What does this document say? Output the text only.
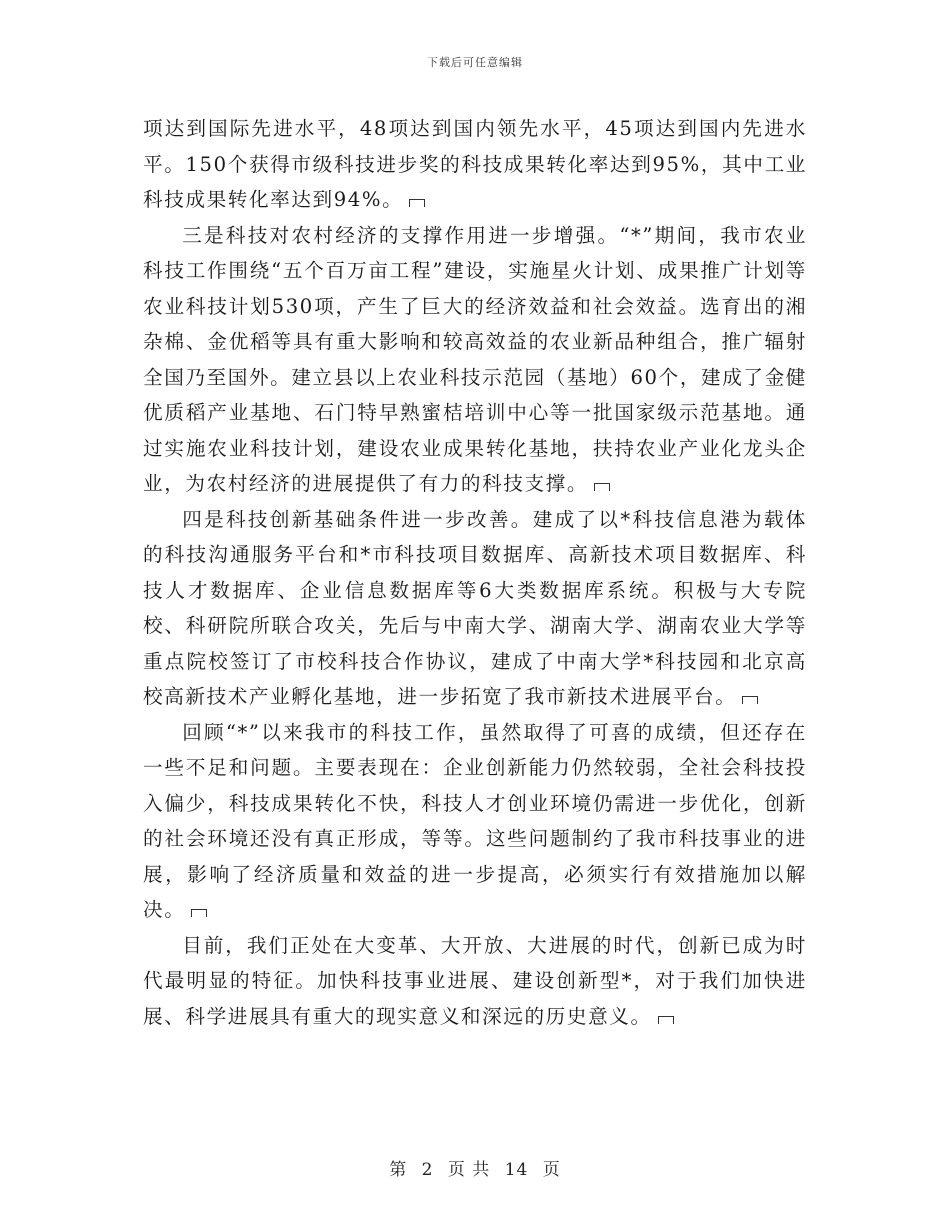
下载后可任意编辑

项达到国际先进水平，48项达到国内领先水平，45项达到国内先进水平。150个获得市级科技进步奖的科技成果转化率达到95%，其中工业科技成果转化率达到94%。

三是科技对农村经济的支撑作用进一步增强。“*”期间，我市农业科技工作围绕“五个百万亩工程”建设，实施星火计划、成果推广计划等农业科技计划530项，产生了巨大的经济效益和社会效益。选育出的湘杂棉、金优稻等具有重大影响和较高效益的农业新品种组合，推广辐射全国乃至国外。建立县以上农业科技示范园（基地）60个，建成了金健优质稻产业基地、石门特早熟蜜桔培训中心等一批国家级示范基地。通过实施农业科技计划，建设农业成果转化基地，扶持农业产业化龙头企业，为农村经济的进展提供了有力的科技支撑。

四是科技创新基础条件进一步改善。建成了以*科技信息港为载体的科技沟通服务平台和*市科技项目数据库、高新技术项目数据库、科技人才数据库、企业信息数据库等6大类数据库系统。积极与大专院校、科研院所联合攻关，先后与中南大学、湖南大学、湖南农业大学等重点院校签订了市校科技合作协议，建成了中南大学*科技园和北京高校高新技术产业孵化基地，进一步拓宽了我市新技术进展平台。

回顾“*”以来我市的科技工作，虽然取得了可喜的成绩，但还存在一些不足和问题。主要表现在：企业创新能力仍然较弱，全社会科技投入偏少，科技成果转化不快，科技人才创业环境仍需进一步优化，创新的社会环境还没有真正形成，等等。这些问题制约了我市科技事业的进展，影响了经济质量和效益的进一步提高，必须实行有效措施加以解决。

目前，我们正处在大变革、大开放、大进展的时代，创新已成为时代最明显的特征。加快科技事业进展、建设创新型*，对于我们加快进展、科学进展具有重大的现实意义和深远的历史意义。

第 2 页 共 14 页
